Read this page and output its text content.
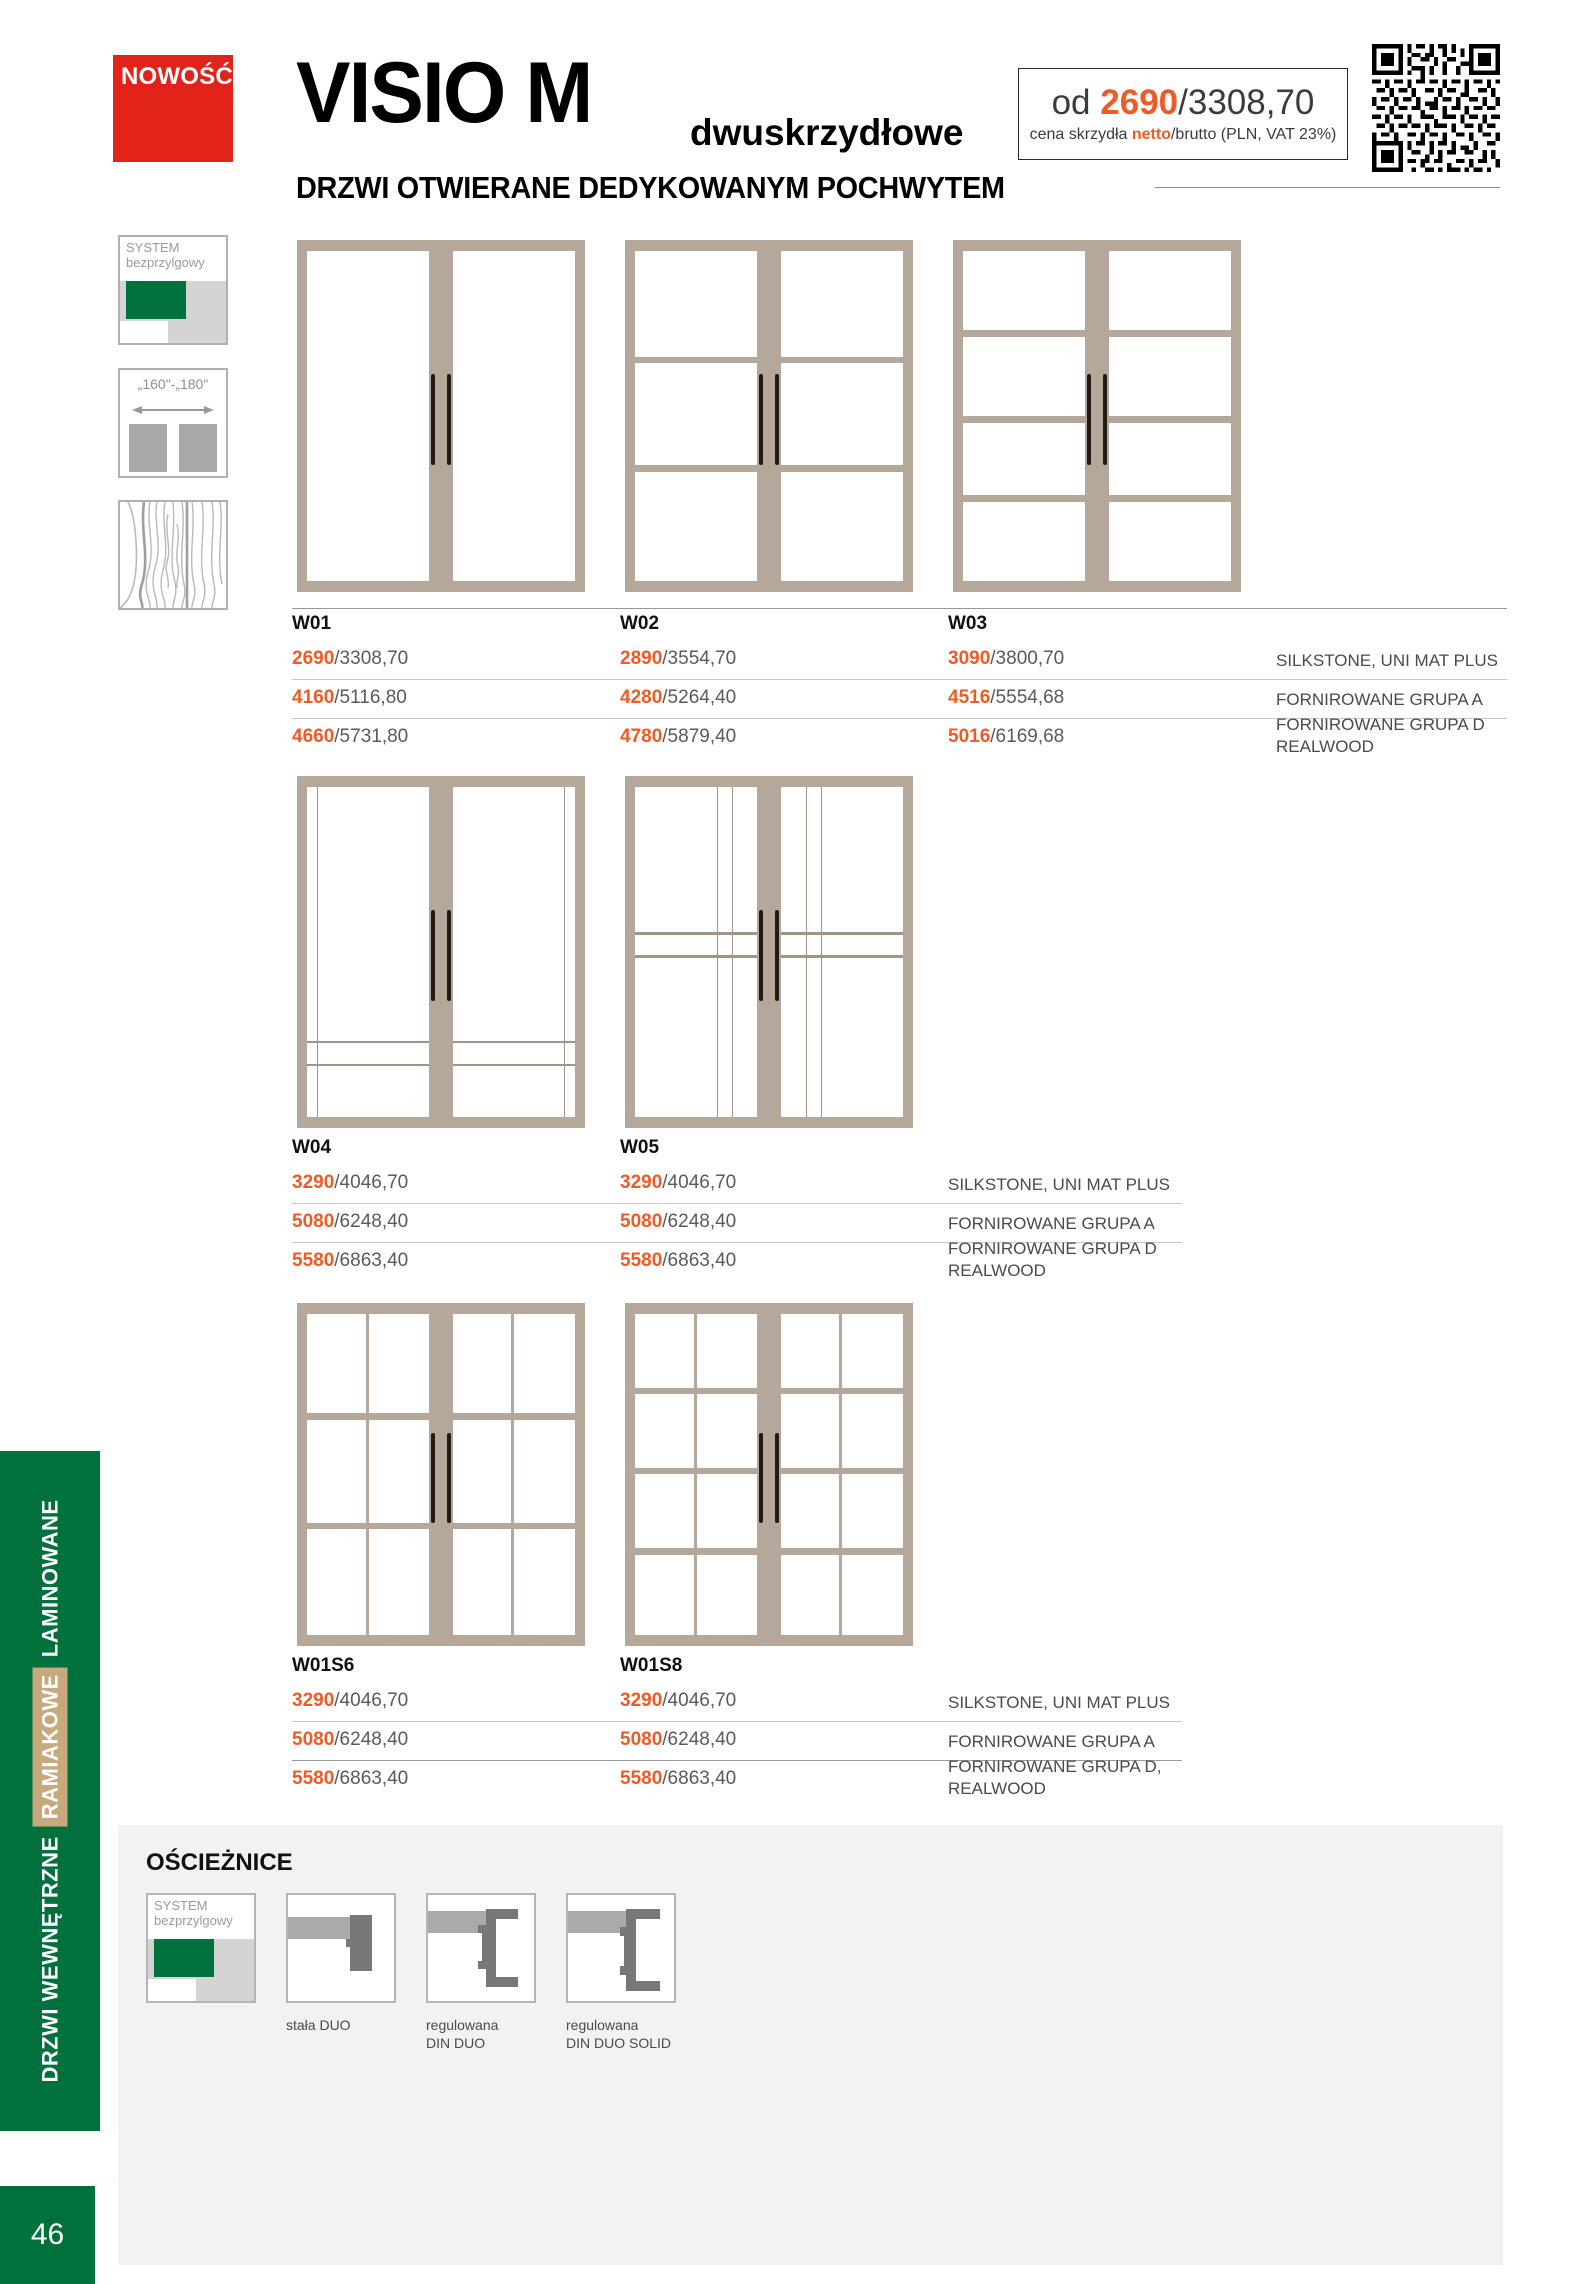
DRZWI WEWNĘTRZNE
RAMIAKOWE
LAMINOWANE
46
NOWOŚĆ VISIO M	dwuskrzydłowe
DRZWI OTWIERANE DEDYKOWANYM POCHWYTEM
od 2690/3308,70
cena skrzydła netto/brutto (PLN, VAT 23%)
SYSTEM
bezprzylgowy
„160"-„180"
W01	W02	W03
2690/3308,70	2890/3554,70	3090/3800,70	SILKSTONE, UNI MAT PLUS
4160/5116,80	4280/5264,40	4516/5554,68	FORNIROWANE GRUPA A
4660/5731,80	4780/5879,40	5016/6169,68
FORNIROWANE GRUPA D REALWOOD
W04	W05
3290/4046,70	3290/4046,70	SILKSTONE, UNI MAT PLUS
5080/6248,40	5080/6248,40	FORNIROWANE GRUPA A
5580/6863,40	5580/6863,40
FORNIROWANE GRUPA D REALWOOD
W01S6	W01S8
3290/4046,70	3290/4046,70	SILKSTONE, UNI MAT PLUS
5080/6248,40	5080/6248,40	FORNIROWANE GRUPA A
5580/6863,40	5580/6863,40
FORNIROWANE GRUPA D, REALWOOD
OŚCIEŻNICE
SYSTEM
bezprzylgowy
stała DUO	regulowana
DIN DUO
regulowana
DIN DUO SOLID
